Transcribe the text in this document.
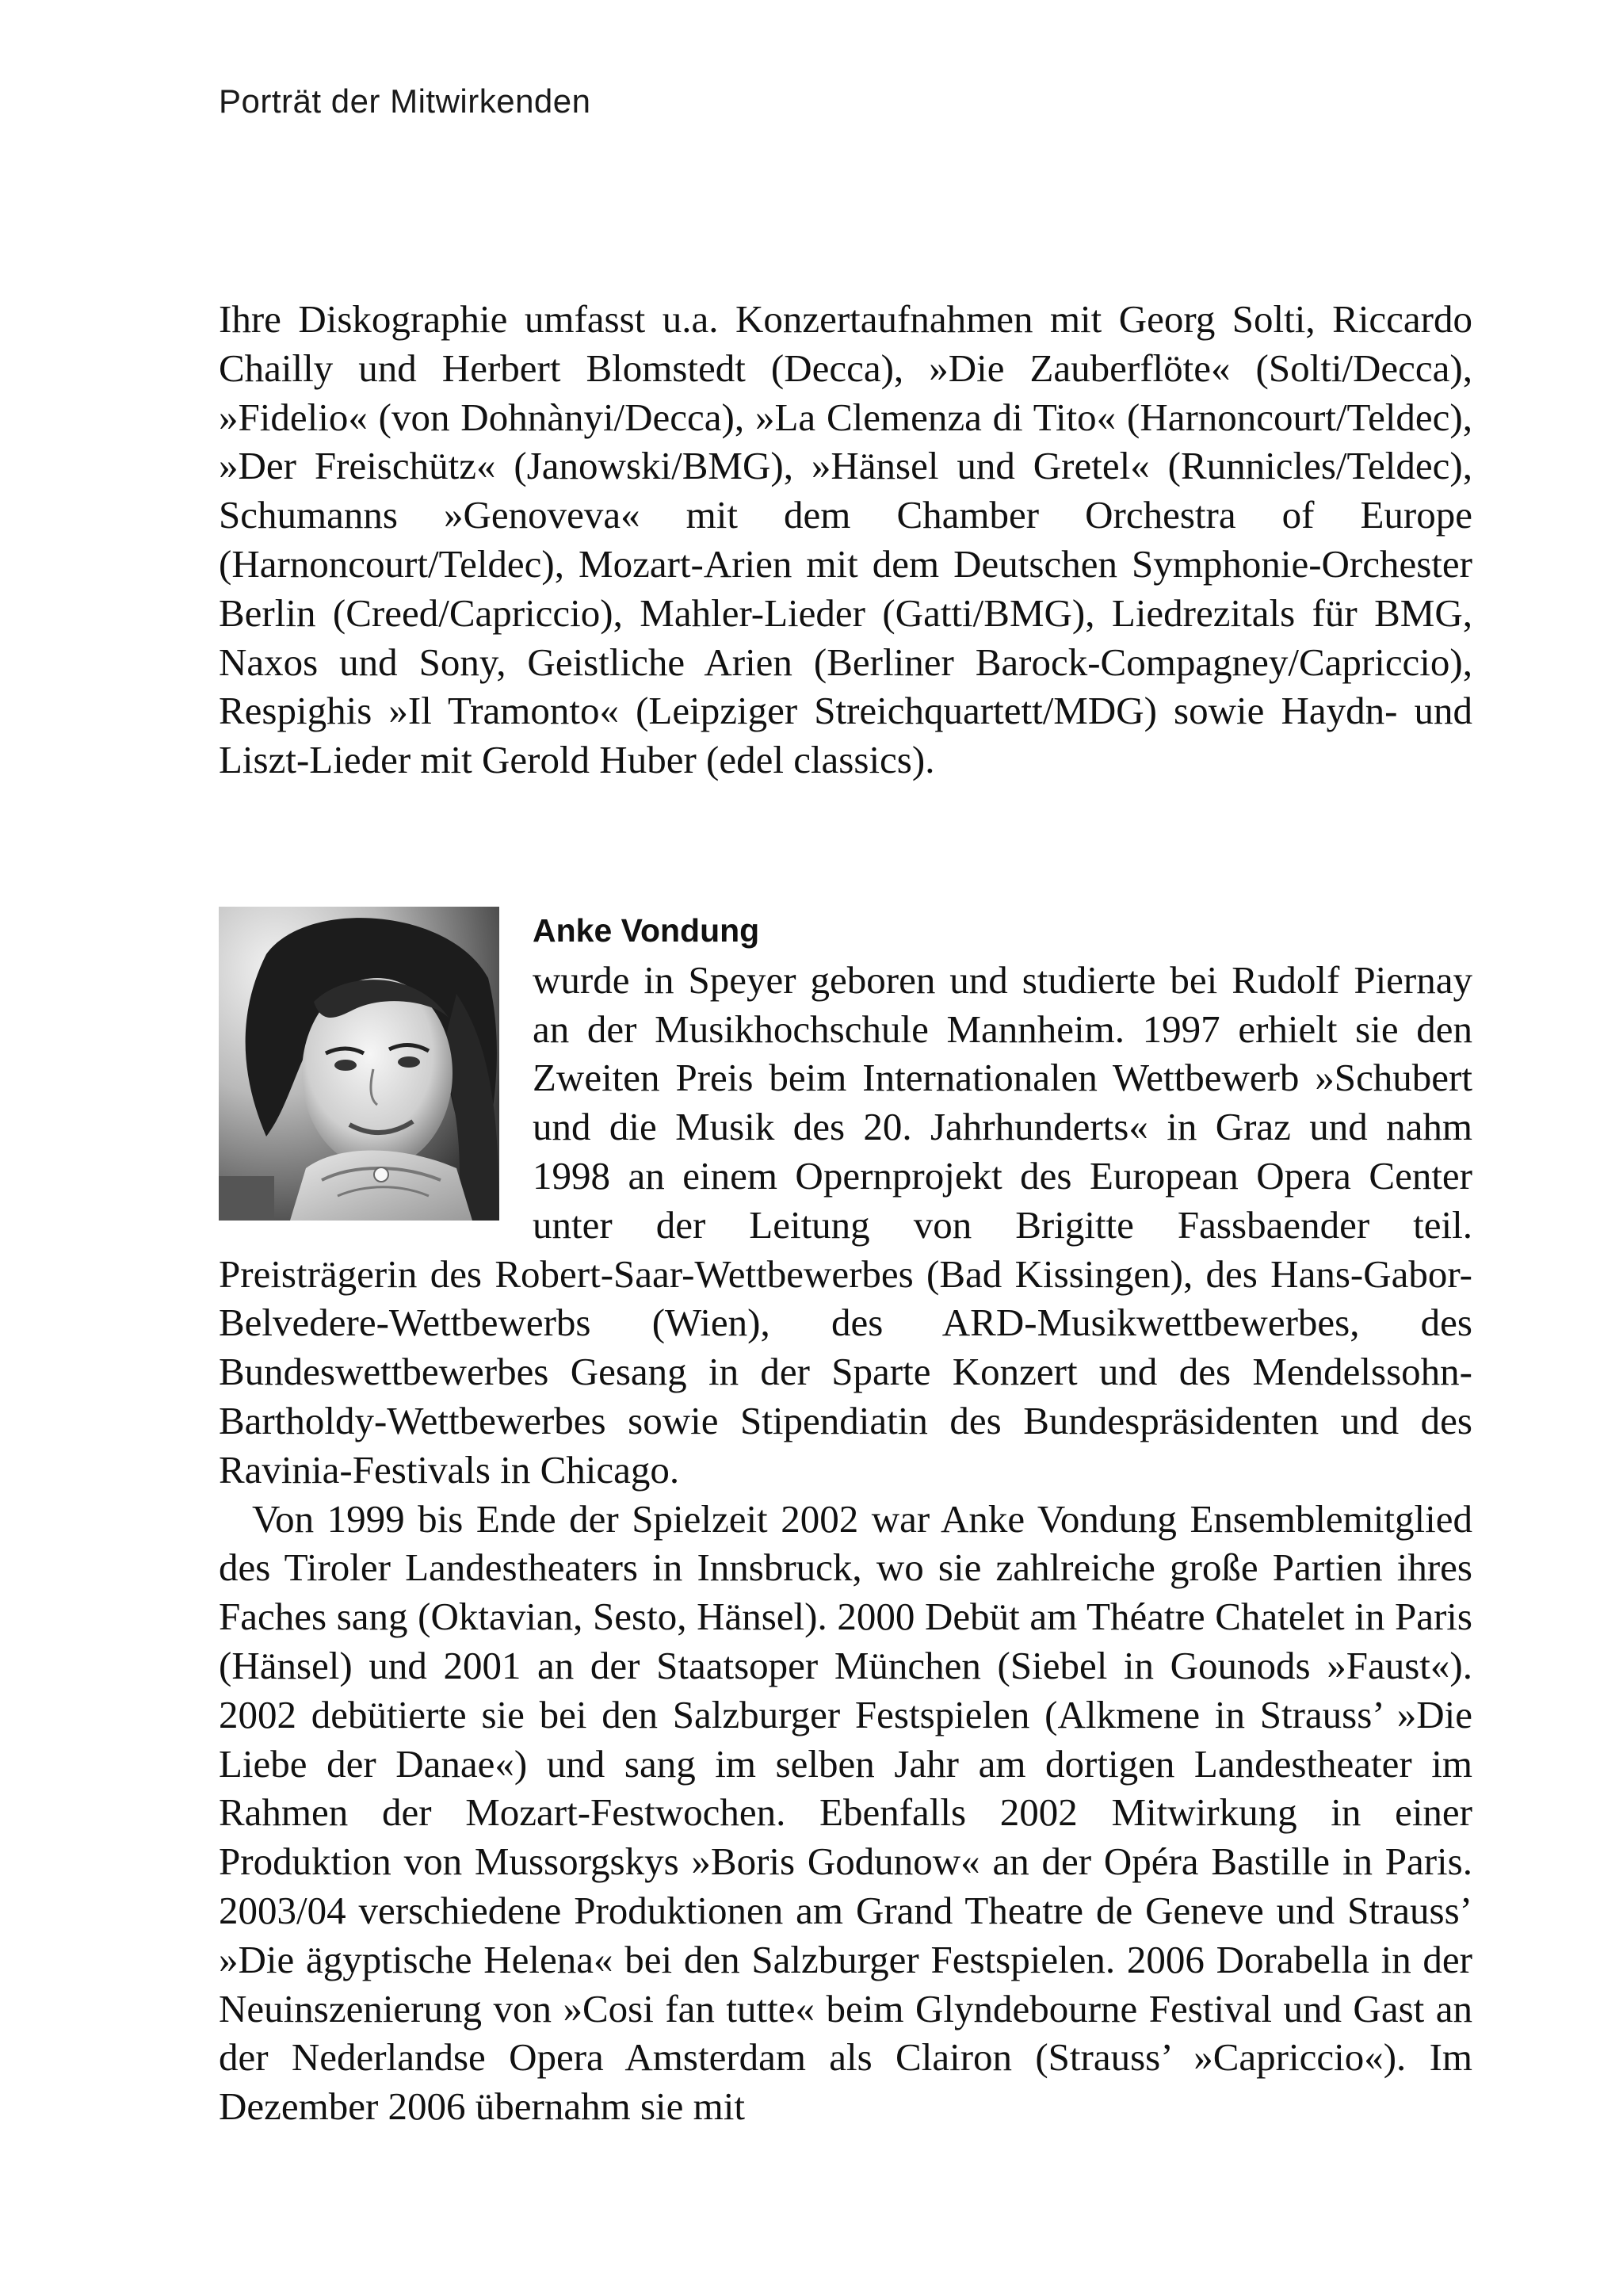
Porträt der Mitwirkenden
Ihre Diskographie umfasst u.a. Konzertaufnahmen mit Georg Solti, Riccardo Chailly und Herbert Blomstedt (Decca), »Die Zauberflöte« (Solti/Decca), »Fidelio« (von Dohnànyi/Decca), »La Clemenza di Tito« (Harnoncourt/Teldec), »Der Freischütz« (Janowski/BMG), »Hänsel und Gretel« (Runnicles/Teldec), Schumanns »Genoveva« mit dem Chamber Orchestra of Europe (Harnoncourt/Teldec), Mozart-Arien mit dem Deutschen Symphonie-Orchester Berlin (Creed/Capriccio), Mahler-Lieder (Gatti/BMG), Liedrezitals für BMG, Naxos und Sony, Geistliche Arien (Berliner Barock-Compagney/Capriccio), Respighis »Il Tramonto« (Leipziger Streichquartett/MDG) sowie Haydn- und Liszt-Lieder mit Gerold Huber (edel classics).

Anke Vondung
wurde in Speyer geboren und studierte bei Rudolf Piernay an der Musikhochschule Mannheim. 1997 erhielt sie den Zweiten Preis beim Internationalen Wettbewerb »Schubert und die Musik des 20. Jahrhunderts« in Graz und nahm 1998 an einem Opernprojekt des European Opera Center unter der Leitung von Brigitte Fassbaender teil. Preisträgerin des Robert-Saar-Wettbewerbes (Bad Kissingen), des Hans-Gabor-Belvedere-Wettbewerbs (Wien), des ARD-Musikwettbewerbes, des Bundeswettbewerbes Gesang in der Sparte Konzert und des Mendelssohn-Bartholdy-Wettbewerbes sowie Stipendiatin des Bundespräsidenten und des Ravinia-Festivals in Chicago.

Von 1999 bis Ende der Spielzeit 2002 war Anke Vondung Ensemblemitglied des Tiroler Landestheaters in Innsbruck, wo sie zahlreiche große Partien ihres Faches sang (Oktavian, Sesto, Hänsel). 2000 Debüt am Théatre Chatelet in Paris (Hänsel) und 2001 an der Staatsoper München (Siebel in Gounods »Faust«). 2002 debütierte sie bei den Salzburger Festspielen (Alkmene in Strauss’ »Die Liebe der Danae«) und sang im selben Jahr am dortigen Landestheater im Rahmen der Mozart-Festwochen. Ebenfalls 2002 Mitwirkung in einer Produktion von Mussorgskys »Boris Godunow« an der Opéra Bastille in Paris. 2003/04 verschiedene Produktionen am Grand Theatre de Geneve und Strauss’ »Die ägyptische Helena« bei den Salzburger Festspielen. 2006 Dorabella in der Neuinszenierung von »Cosi fan tutte« beim Glyndebourne Festival und Gast an der Nederlandse Opera Amsterdam als Clairon (Strauss’ »Capriccio«). Im Dezember 2006 übernahm sie mit
